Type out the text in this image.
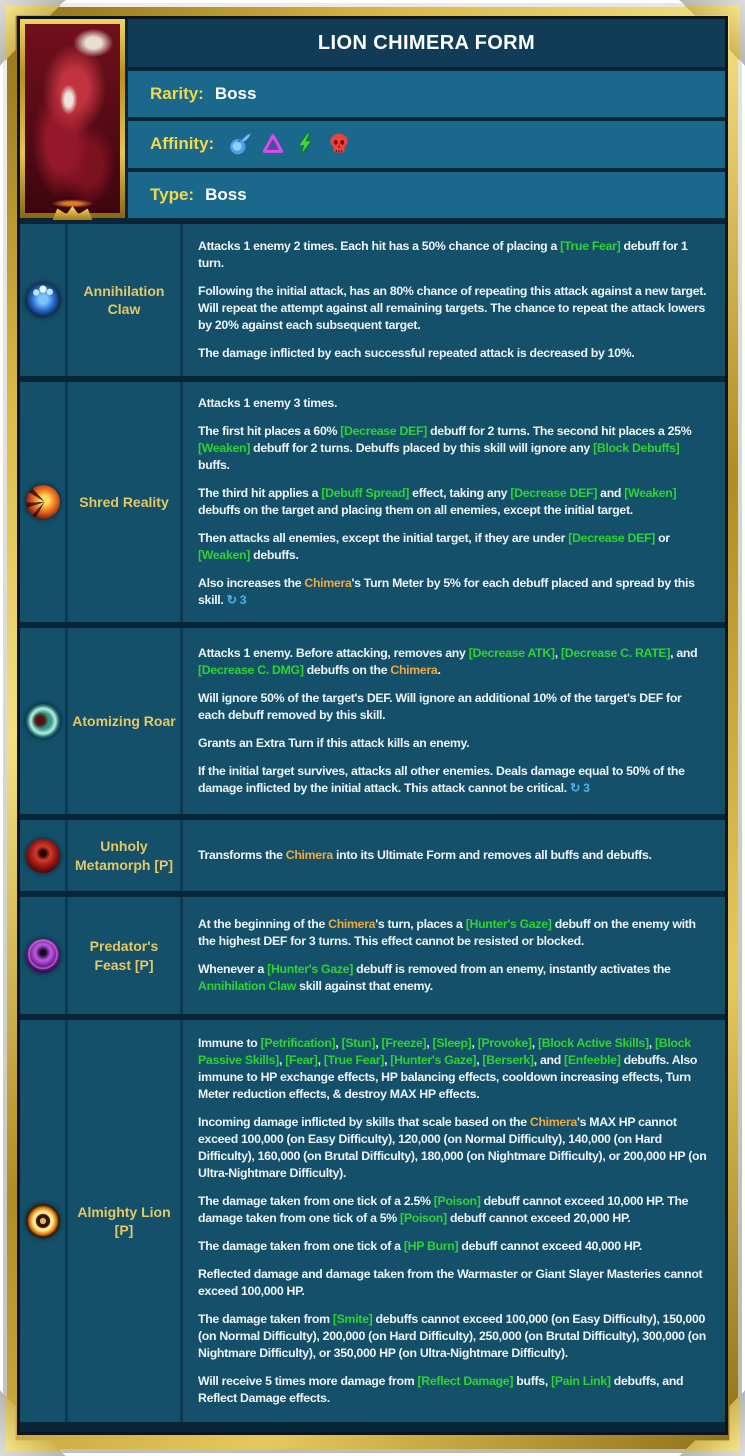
LION CHIMERA FORM
Rarity: Boss
Affinity:
Type: Boss
Annihilation Claw

Attacks 1 enemy 2 times. Each hit has a 50% chance of placing a [True Fear] debuff for 1 turn.

Following the initial attack, has an 80% chance of repeating this attack against a new target. Will repeat the attempt against all remaining targets. The chance to repeat the attack lowers by 20% against each subsequent target.

The damage inflicted by each successful repeated attack is decreased by 10%.

Shred Reality

Attacks 1 enemy 3 times.

The first hit places a 60% [Decrease DEF] debuff for 2 turns. The second hit places a 25% [Weaken] debuff for 2 turns. Debuffs placed by this skill will ignore any [Block Debuffs] buffs.

The third hit applies a [Debuff Spread] effect, taking any [Decrease DEF] and [Weaken] debuffs on the target and placing them on all enemies, except the initial target.

Then attacks all enemies, except the initial target, if they are under [Decrease DEF] or [Weaken] debuffs.

Also increases the Chimera's Turn Meter by 5% for each debuff placed and spread by this skill. ↻ 3

Atomizing Roar

Attacks 1 enemy. Before attacking, removes any [Decrease ATK], [Decrease C. RATE], and [Decrease C. DMG] debuffs on the Chimera.

Will ignore 50% of the target's DEF. Will ignore an additional 10% of the target's DEF for each debuff removed by this skill.

Grants an Extra Turn if this attack kills an enemy.

If the initial target survives, attacks all other enemies. Deals damage equal to 50% of the damage inflicted by the initial attack. This attack cannot be critical. ↻ 3

Unholy Metamorph [P]

Transforms the Chimera into its Ultimate Form and removes all buffs and debuffs.

Predator's Feast [P]

At the beginning of the Chimera's turn, places a [Hunter's Gaze] debuff on the enemy with the highest DEF for 3 turns. This effect cannot be resisted or blocked.

Whenever a [Hunter's Gaze] debuff is removed from an enemy, instantly activates the Annihilation Claw skill against that enemy.

Almighty Lion [P]

Immune to [Petrification], [Stun], [Freeze], [Sleep], [Provoke], [Block Active Skills], [Block Passive Skills], [Fear], [True Fear], [Hunter's Gaze], [Berserk], and [Enfeeble] debuffs. Also immune to HP exchange effects, HP balancing effects, cooldown increasing effects, Turn Meter reduction effects, & destroy MAX HP effects.

Incoming damage inflicted by skills that scale based on the Chimera's MAX HP cannot exceed 100,000 (on Easy Difficulty), 120,000 (on Normal Difficulty), 140,000 (on Hard Difficulty), 160,000 (on Brutal Difficulty), 180,000 (on Nightmare Difficulty), or 200,000 HP (on Ultra-Nightmare Difficulty).

The damage taken from one tick of a 2.5% [Poison] debuff cannot exceed 10,000 HP. The damage taken from one tick of a 5% [Poison] debuff cannot exceed 20,000 HP.

The damage taken from one tick of a [HP Burn] debuff cannot exceed 40,000 HP.

Reflected damage and damage taken from the Warmaster or Giant Slayer Masteries cannot exceed 100,000 HP.

The damage taken from [Smite] debuffs cannot exceed 100,000 (on Easy Difficulty), 150,000 (on Normal Difficulty), 200,000 (on Hard Difficulty), 250,000 (on Brutal Difficulty), 300,000 (on Nightmare Difficulty), or 350,000 HP (on Ultra-Nightmare Difficulty).

Will receive 5 times more damage from [Reflect Damage] buffs, [Pain Link] debuffs, and Reflect Damage effects.
